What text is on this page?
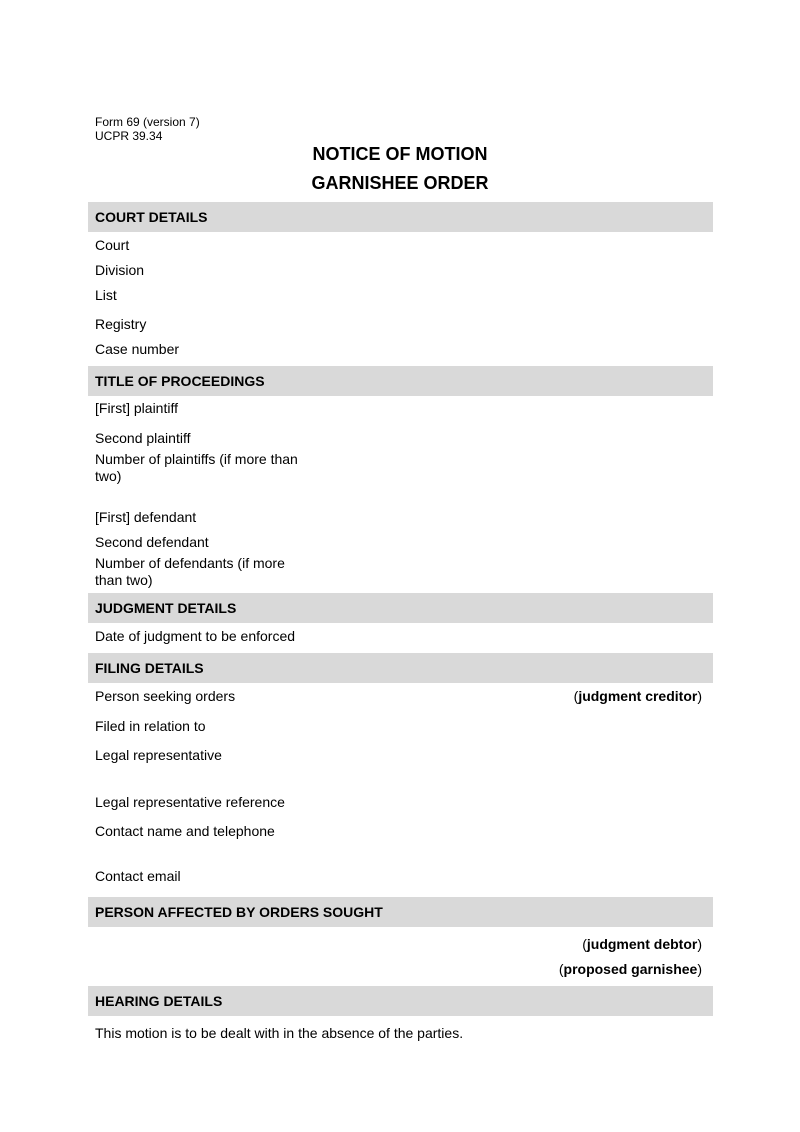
Form 69 (version 7)
UCPR 39.34
NOTICE OF MOTION
GARNISHEE ORDER
COURT DETAILS
Court
Division
List
Registry
Case number
TITLE OF PROCEEDINGS
[First] plaintiff
Second plaintiff
Number of plaintiffs (if more than two)
[First] defendant
Second defendant
Number of defendants (if more than two)
JUDGMENT DETAILS
Date of judgment to be enforced
FILING DETAILS
Person seeking orders	(judgment creditor)
Filed in relation to
Legal representative
Legal representative reference
Contact name and telephone
Contact email
PERSON AFFECTED BY ORDERS SOUGHT
(judgment debtor)
(proposed garnishee)
HEARING DETAILS
This motion is to be dealt with in the absence of the parties.
